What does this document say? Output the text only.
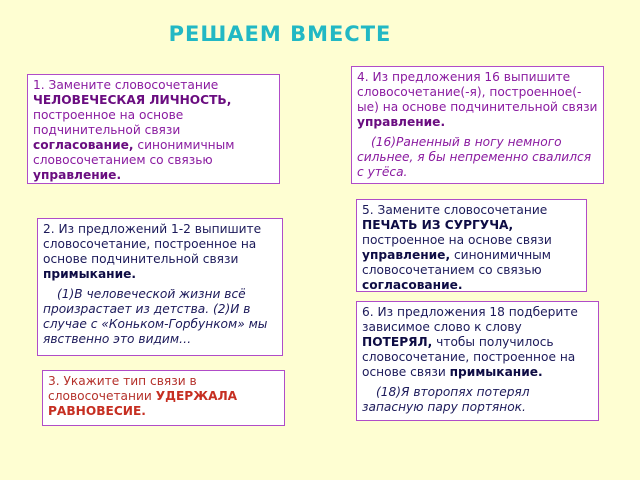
РЕШАЕМ ВМЕСТЕ

1. Замените словосочетание ЧЕЛОВЕЧЕСКАЯ ЛИЧНОСТЬ, построенное на основе подчинительной связи согласование, синонимичным словосочетанием со связью управление.

2. Из предложений 1-2 выпишите словосочетание, построенное на основе подчинительной связи примыкание.

(1)В человеческой жизни всё произрастает из детства. (2)И в случае с «Коньком-Горбунком» мы явственно это видим…

3. Укажите тип связи в словосочетании УДЕРЖАЛА РАВНОВЕСИЕ.

4. Из предложения 16 выпишите словосочетание(-я), построенное(-ые) на основе подчинительной связи управление.

(16)Раненный в ногу немного сильнее, я бы непременно свалился с утёса.

5. Замените словосочетание ПЕЧАТЬ ИЗ СУРГУЧА, построенное на основе связи управление, синонимичным словосочетанием со связью согласование.

6. Из предложения 18 подберите зависимое слово к слову ПОТЕРЯЛ, чтобы получилось словосочетание, построенное на основе связи примыкание.

(18)Я второпях потерял запасную пару портянок.
